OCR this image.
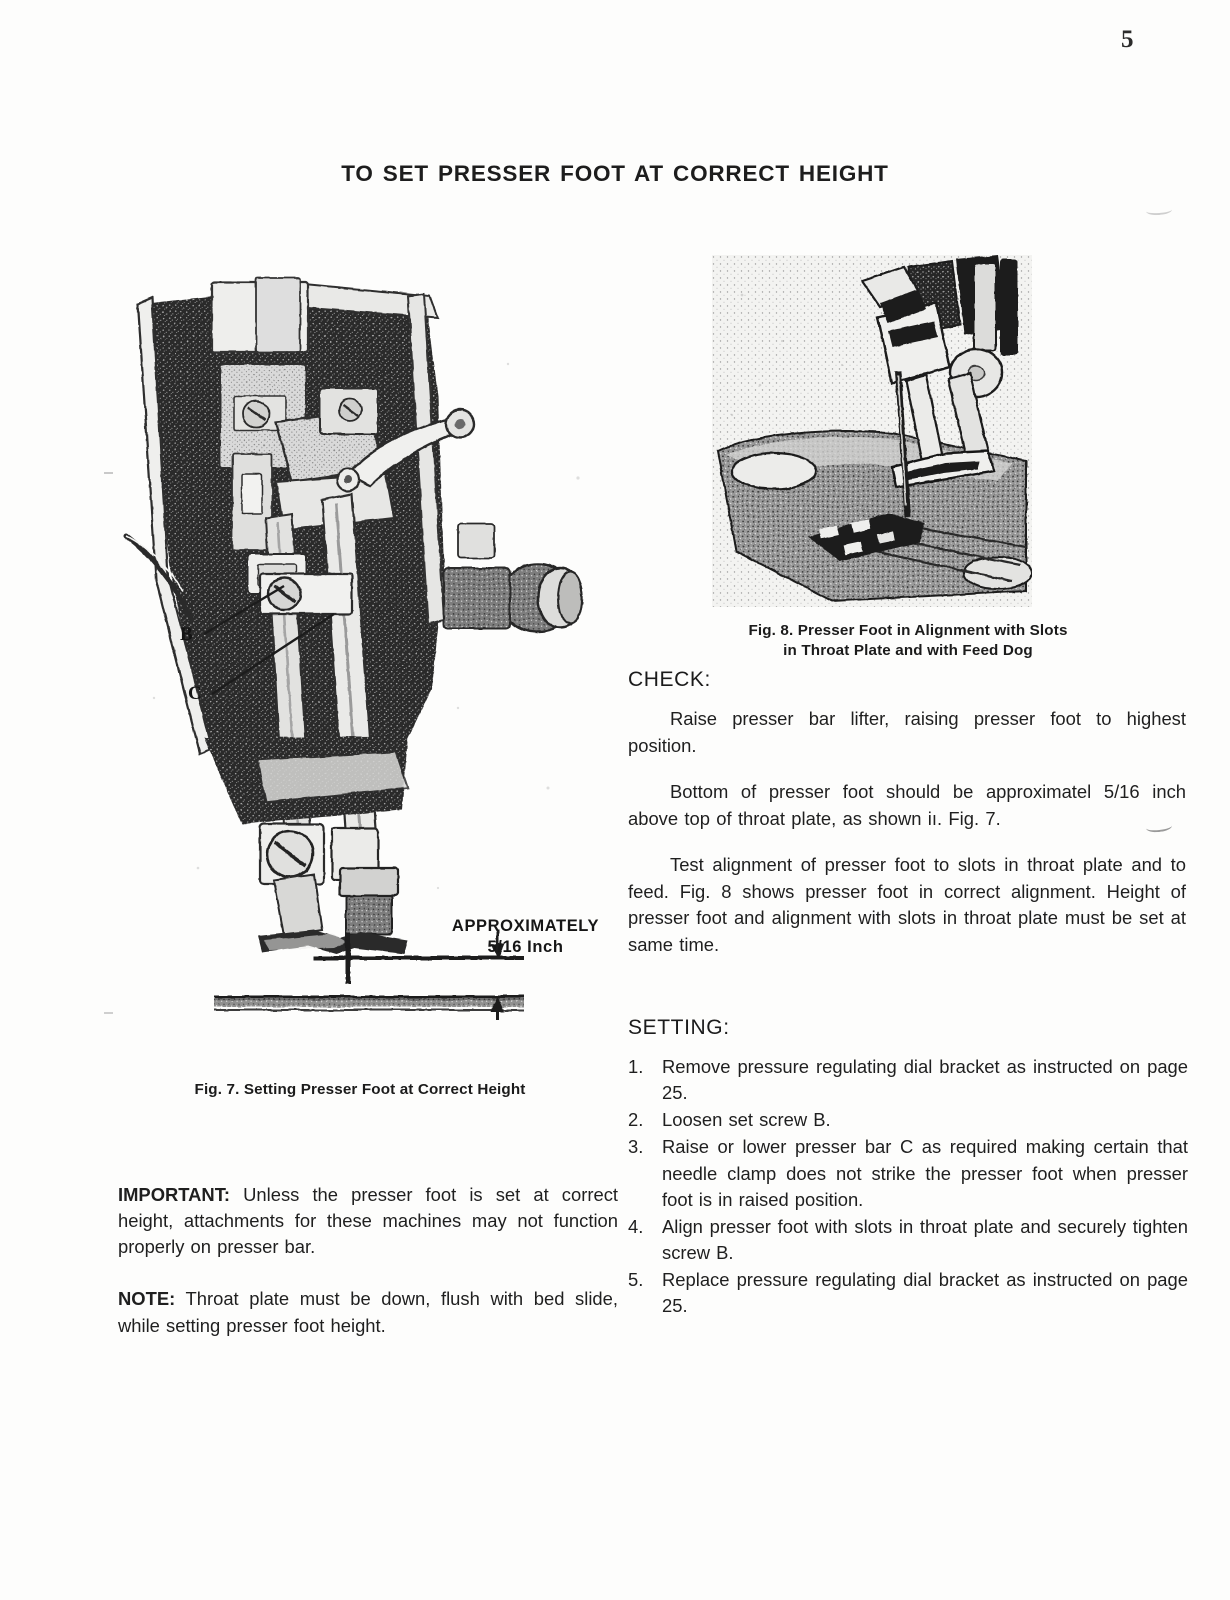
5
TO SET PRESSER FOOT AT CORRECT HEIGHT
B
C
APPROXIMATELY
5/16 Inch
Fig. 7. Setting Presser Foot at Correct Height
Fig. 8. Presser Foot in Alignment with Slots
in Throat Plate and with Feed Dog
CHECK:

Raise presser bar lifter, raising presser foot to highest position.

Bottom of presser foot should be approximatel 5/16 inch above top of throat plate, as shown iı. Fig. 7.

Test alignment of presser foot to slots in throat plate and to feed. Fig. 8 shows presser foot in correct alignment. Height of presser foot and alignment with slots in throat plate must be set at same time.

SETTING:
Remove pressure regulating dial bracket as instructed on page 25.
Loosen set screw B.
Raise or lower presser bar C as required making certain that needle clamp does not strike the presser foot when presser foot is in raised position.
Align presser foot with slots in throat plate and securely tighten screw B.
Replace pressure regulating dial bracket as instructed on page 25.

IMPORTANT: Unless the presser foot is set at correct height, attachments for these machines may not function properly on presser bar.

NOTE: Throat plate must be down, flush with bed slide, while setting presser foot height.
